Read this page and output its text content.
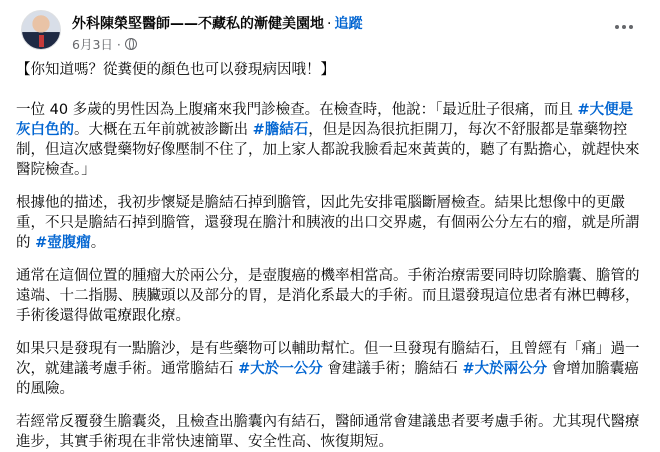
外科陳榮堅醫師——不藏私的漸健美園地 · 追蹤
6月3日 ·

【你知道嗎？從糞便的顏色也可以發現病因哦！】

一位 40 多歲的男性因為上腹痛來我門診檢查。在檢查時，他說：「最近肚子很痛，而且 #大便是灰白色的。大概在五年前就被診斷出 #膽結石，但是因為很抗拒開刀，每次不舒服都是靠藥物控制，但這次感覺藥物好像壓制不住了，加上家人都說我臉看起來黃黃的，聽了有點擔心，就趕快來醫院檢查。」

根據他的描述，我初步懷疑是膽結石掉到膽管，因此先安排電腦斷層檢查。結果比想像中的更嚴重，不只是膽結石掉到膽管，還發現在膽汁和胰液的出口交界處，有個兩公分左右的瘤，就是所謂的 #壺腹瘤。

通常在這個位置的腫瘤大於兩公分，是壺腹癌的機率相當高。手術治療需要同時切除膽囊、膽管的遠端、十二指腸、胰臟頭以及部分的胃，是消化系最大的手術。而且還發現這位患者有淋巴轉移，手術後還得做電療跟化療。

如果只是發現有一點膽沙，是有些藥物可以輔助幫忙。但一旦發現有膽結石，且曾經有「痛」過一次，就建議考慮手術。通常膽結石 #大於一公分 會建議手術；膽結石 #大於兩公分 會增加膽囊癌的風險。

若經常反覆發生膽囊炎，且檢查出膽囊內有結石，醫師通常會建議患者要考慮手術。尤其現代醫療進步，其實手術現在非常快速簡單、安全性高、恢復期短。
